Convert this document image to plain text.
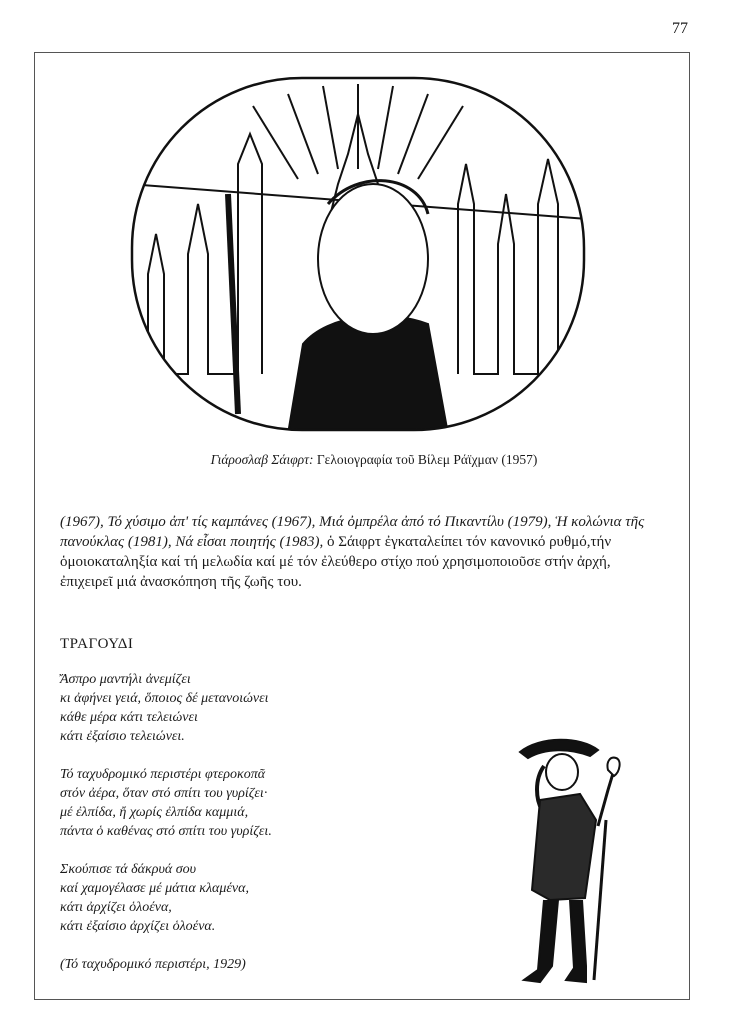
77
Γιάροσλαβ Σάιφρτ: Γελοιογραφία τοῦ Βίλεμ Ράϊχμαν (1957)

(1967), Τό χύσιμο ἀπ' τίς καμπάνες (1967), Μιά ὀμπρέλα ἀπό τό Πικαντίλυ (1979), Ἡ κολώνια τῆς πανούκλας (1981), Νά εἶσαι ποιητής (1983), ὁ Σάιφρτ ἐγκαταλείπει τόν κανονικό ρυθμό,τήν ὁμοιοκαταληξία καί τή μελωδία καί μέ τόν ἐλεύθερο στίχο πού χρησιμοποιοῦσε στήν ἀρχή, ἐπιχειρεῖ μιά ἀνασκόπηση τῆς ζωῆς του.

ΤΡΑΓΟΥΔΙ
Ἄσπρο μαντήλι ἀνεμίζει
κι ἀφήνει γειά, ὅποιος δέ μετανοιώνει
κάθε μέρα κάτι τελειώνει
κάτι ἐξαίσιο τελειώνει.
Τό ταχυδρομικό περιστέρι φτεροκοπᾶ
στόν ἀέρα, ὅταν στό σπίτι του γυρίζει·
μέ ἐλπίδα, ἤ χωρίς ἐλπίδα καμμιά,
πάντα ὁ καθένας στό σπίτι του γυρίζει.
Σκούπισε τά δάκρυά σου
καί χαμογέλασε μέ μάτια κλαμένα,
κάτι ἀρχίζει ὁλοένα,
κάτι ἐξαίσιο ἀρχίζει ὁλοένα.
(Τό ταχυδρομικό περιστέρι, 1929)
